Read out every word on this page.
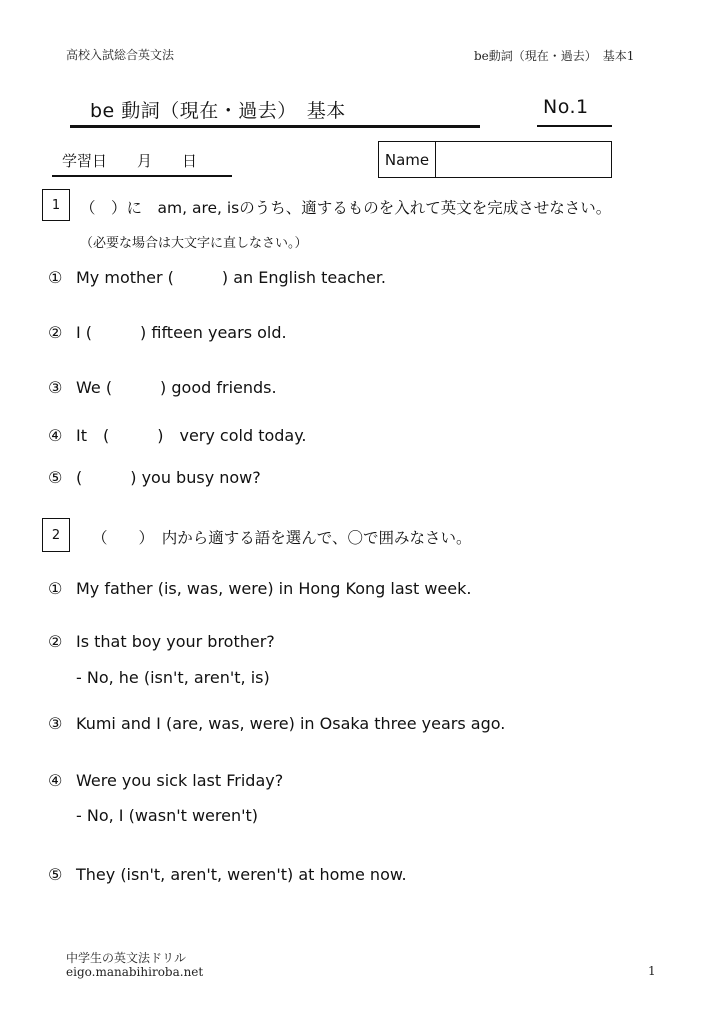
高校入試総合英文法	be動詞（現在・過去）　基本1
be 動詞（現在・過去）　基本	No.1
学習日　　月　　日	Name
1	（　）に　am, are, isのうち、適するものを入れて英文を完成させなさい。
（必要な場合は大文字に直しなさい。）
① My mother (　　　) an English teacher.
② I (　　　) fifteen years old.
③ We (　　　) good friends.
④ It　(　　　)　very cold today.
⑤ (　　　) you busy now?
2	（　　）　内から適する語を選んで、〇で囲みなさい。
① My father (is, was, were) in Hong Kong last week.
② Is that boy your brother?
- No, he (isn't, aren't, is)
③ Kumi and I (are, was, were) in Osaka three years ago.
④ Were you sick last Friday?
- No, I (wasn't weren't)
⑤ They (isn't, aren't, weren't) at home now.
中学生の英文法ドリル
eigo.manabihiroba.net	1
